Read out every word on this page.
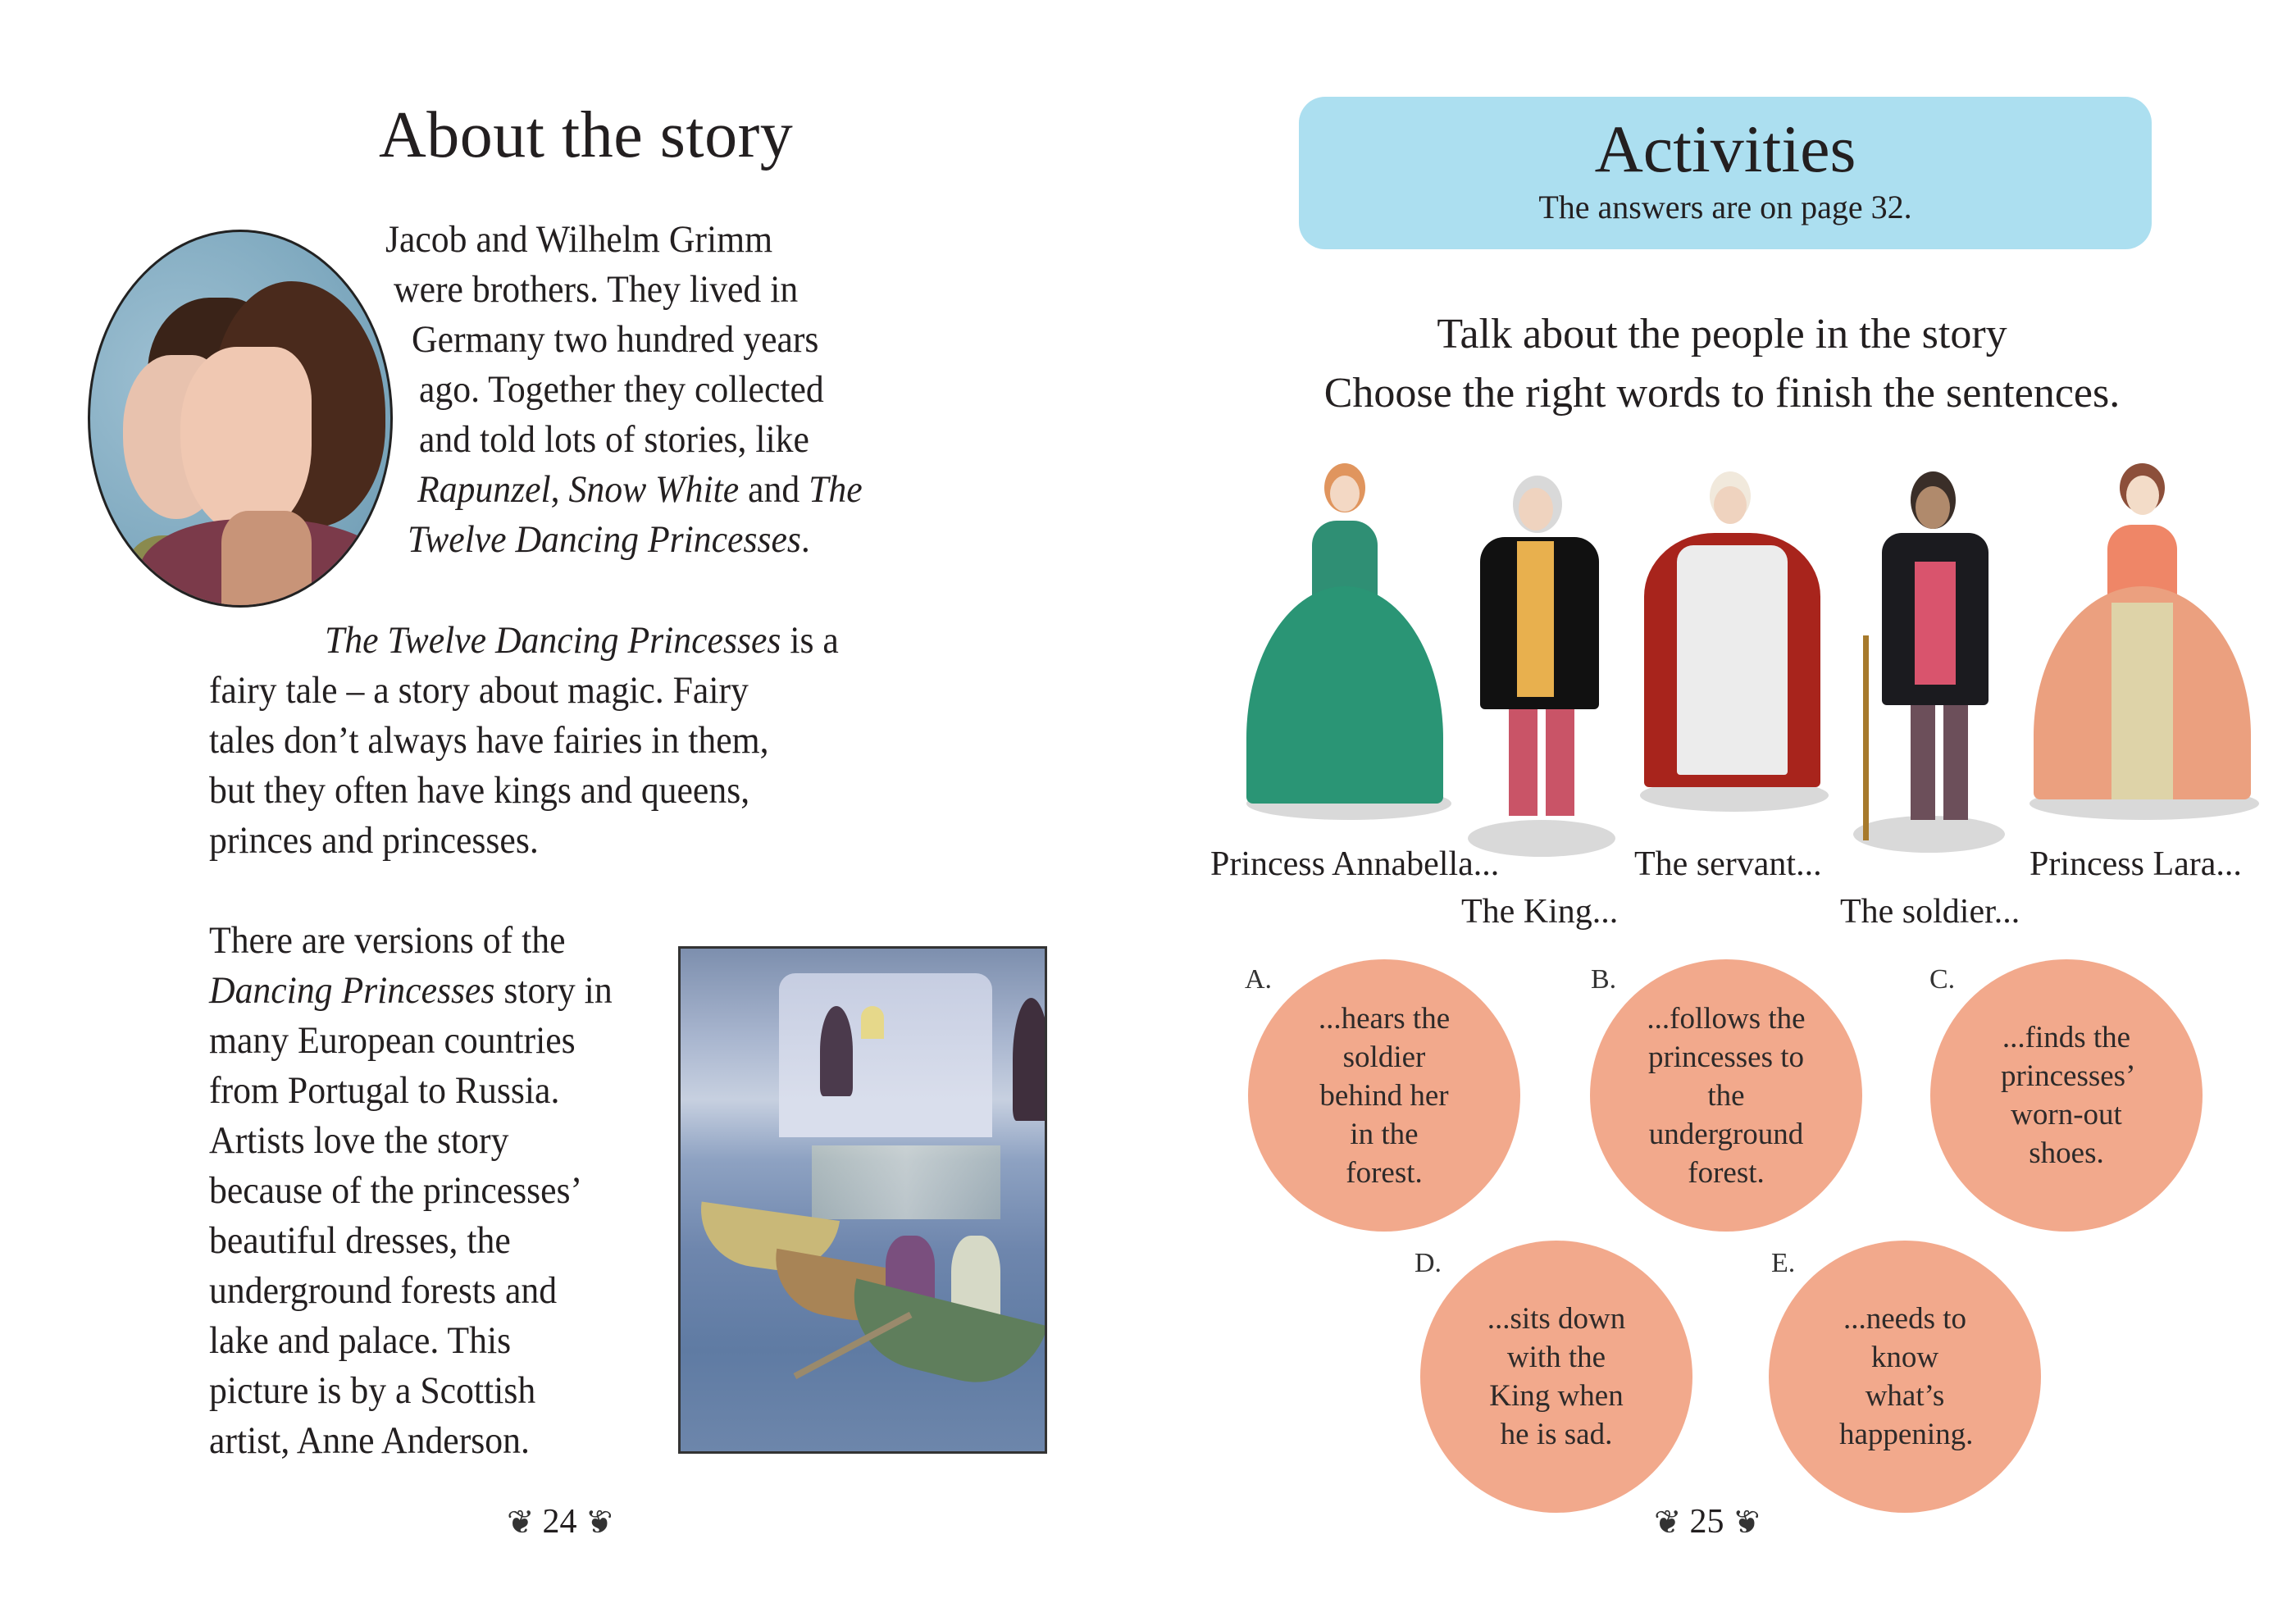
About the story
Jacob and Wilhelm Grimm
were brothers. They lived in
Germany two hundred years
ago. Together they collected
and told lots of stories, like
Rapunzel, Snow White and The
Twelve Dancing Princesses.
The Twelve Dancing Princesses is a
fairy tale – a story about magic. Fairy
tales don’t always have fairies in them,
but they often have kings and queens,
princes and princesses.
There are versions of the
Dancing Princesses story in
many European countries
from Portugal to Russia.
Artists love the story
because of the princesses’
beautiful dresses, the
underground forests and
lake and palace. This
picture is by a Scottish
artist, Anne Anderson.
❦ 24 ❦
Activities
The answers are on page 32.
Talk about the people in the story
Choose the right words to finish the sentences.
Princess Annabella...
The King...
The servant...
The soldier...
Princess Lara...
A.
...hears the soldier behind her in the forest.
B.
...follows the princesses to the underground forest.
C.
...finds the princesses’ worn-out shoes.
D.
...sits down with the King when he is sad.
E.
...needs to know what’s happening.
❦ 25 ❦
